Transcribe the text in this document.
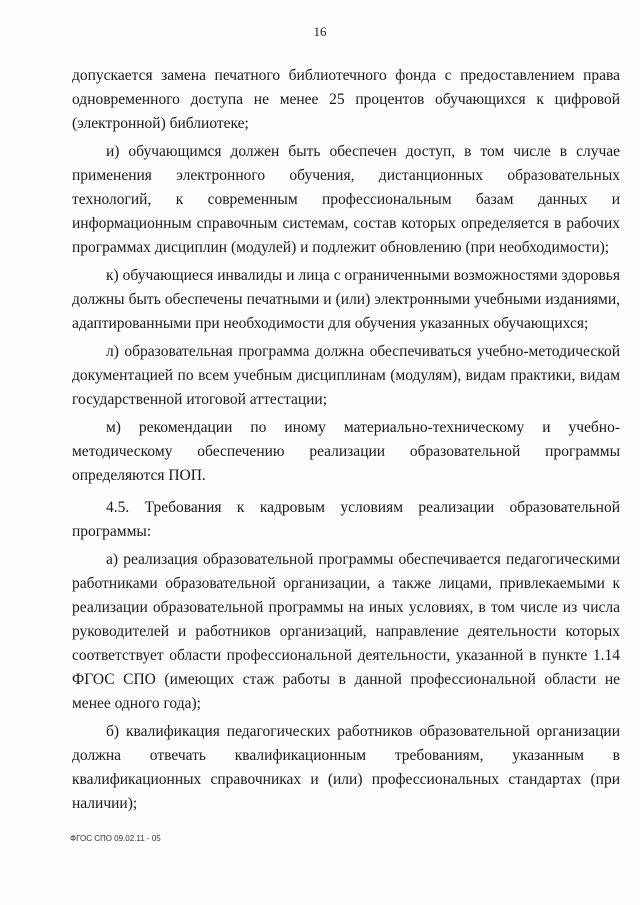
16

допускается замена печатного библиотечного фонда с предоставлением права одновременного доступа не менее 25 процентов обучающихся к цифровой (электронной) библиотеке;

и) обучающимся должен быть обеспечен доступ, в том числе в случае применения электронного обучения, дистанционных образовательных технологий, к современным профессиональным базам данных и информационным справочным системам, состав которых определяется в рабочих программах дисциплин (модулей) и подлежит обновлению (при необходимости);

к) обучающиеся инвалиды и лица с ограниченными возможностями здоровья должны быть обеспечены печатными и (или) электронными учебными изданиями, адаптированными при необходимости для обучения указанных обучающихся;

л) образовательная программа должна обеспечиваться учебно-методической документацией по всем учебным дисциплинам (модулям), видам практики, видам государственной итоговой аттестации;

м) рекомендации по иному материально-техническому и учебно-методическому обеспечению реализации образовательной программы определяются ПОП.

4.5. Требования к кадровым условиям реализации образовательной программы:

а) реализация образовательной программы обеспечивается педагогическими работниками образовательной организации, а также лицами, привлекаемыми к реализации образовательной программы на иных условиях, в том числе из числа руководителей и работников организаций, направление деятельности которых соответствует области профессиональной деятельности, указанной в пункте 1.14 ФГОС СПО (имеющих стаж работы в данной профессиональной области не менее одного года);

б) квалификация педагогических работников образовательной организации должна отвечать квалификационным требованиям, указанным в квалификационных справочниках и (или) профессиональных стандартах (при наличии);

ФГОС СПО 09.02.11 - 05
